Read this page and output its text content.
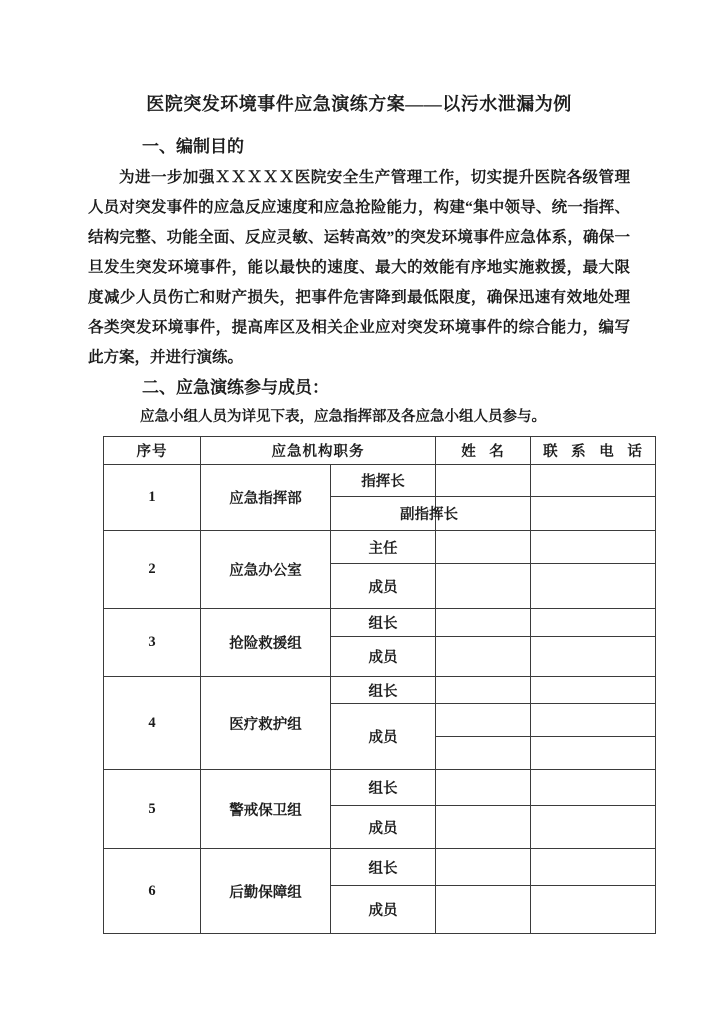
医院突发环境事件应急演练方案——以污水泄漏为例
一、编制目的
为进一步加强ＸＸＸＸＸ医院安全生产管理工作，切实提升医院各级管理人员对突发事件的应急反应速度和应急抢险能力，构建“集中领导、统一指挥、结构完整、功能全面、反应灵敏、运转高效”的突发环境事件应急体系，确保一旦发生突发环境事件，能以最快的速度、最大的效能有序地实施救援，最大限度减少人员伤亡和财产损失，把事件危害降到最低限度，确保迅速有效地处理各类突发环境事件，提高库区及相关企业应对突发环境事件的综合能力，编写此方案，并进行演练。
二、应急演练参与成员：
应急小组人员为详见下表，应急指挥部及各应急小组人员参与。
序号	应急机构职务		姓 名	联 系 电 话
1	应急指挥部	指挥长		
		副指挥长		
2	应急办公室	主任		
		成员		
3	抢险救援组	组长		
		成员		
4	医疗救护组	组长		
		成员		

5	警戒保卫组	组长		
		成员		
6	后勤保障组	组长		
		成员		
